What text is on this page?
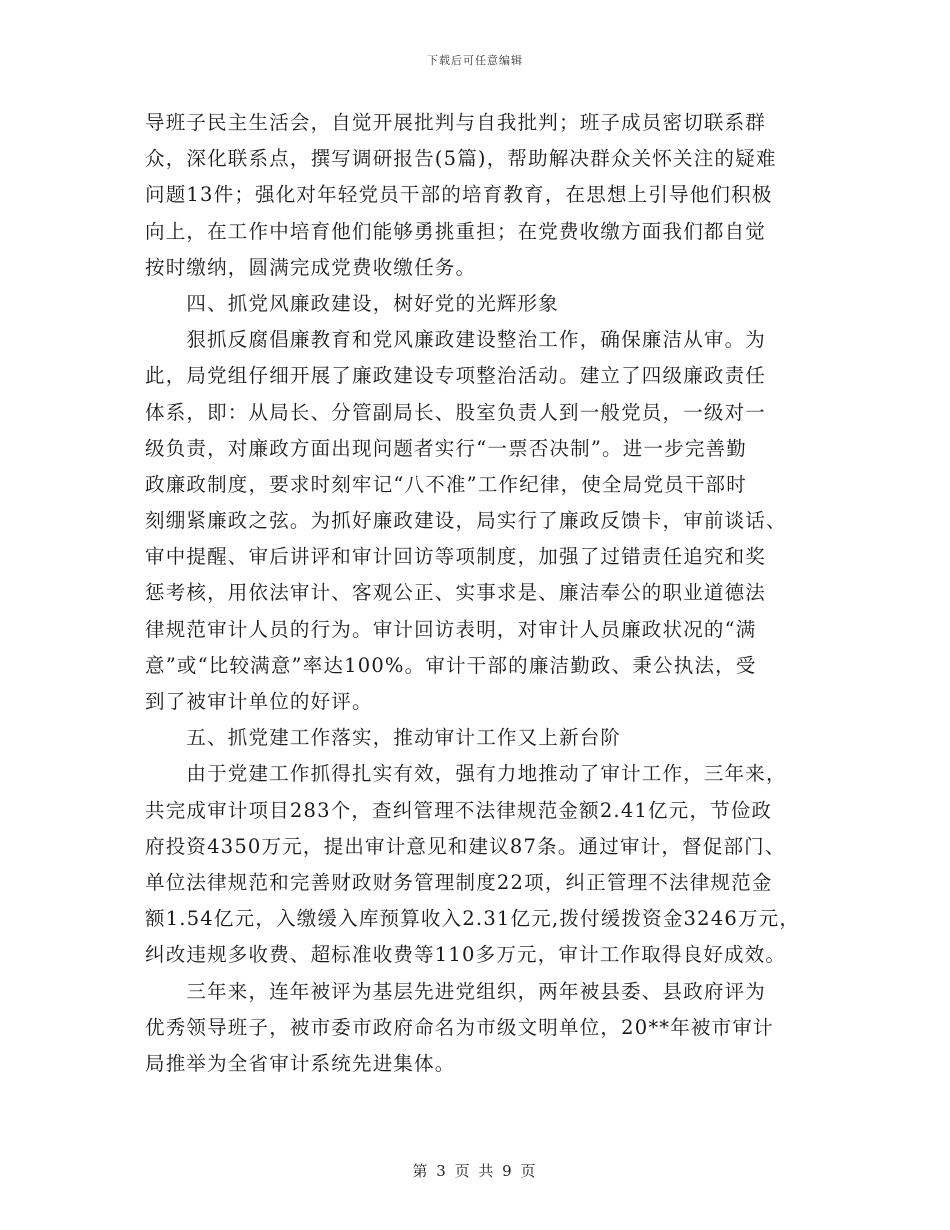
下载后可任意编辑
导班子民主生活会，自觉开展批判与自我批判；班子成员密切联系群
众，深化联系点，撰写调研报告(5篇)，帮助解决群众关怀关注的疑难
问题13件；强化对年轻党员干部的培育教育，在思想上引导他们积极
向上，在工作中培育他们能够勇挑重担；在党费收缴方面我们都自觉
按时缴纳，圆满完成党费收缴任务。
　　四、抓党风廉政建设，树好党的光辉形象
　　狠抓反腐倡廉教育和党风廉政建设整治工作，确保廉洁从审。为
此，局党组仔细开展了廉政建设专项整治活动。建立了四级廉政责任
体系，即：从局长、分管副局长、股室负责人到一般党员，一级对一
级负责，对廉政方面出现问题者实行“一票否决制”。进一步完善勤
政廉政制度，要求时刻牢记“八不准”工作纪律，使全局党员干部时
刻绷紧廉政之弦。为抓好廉政建设，局实行了廉政反馈卡，审前谈话、
审中提醒、审后讲评和审计回访等项制度，加强了过错责任追究和奖
惩考核，用依法审计、客观公正、实事求是、廉洁奉公的职业道德法
律规范审计人员的行为。审计回访表明，对审计人员廉政状况的“满
意”或“比较满意”率达100%。审计干部的廉洁勤政、秉公执法，受
到了被审计单位的好评。
　　五、抓党建工作落实，推动审计工作又上新台阶
　　由于党建工作抓得扎实有效，强有力地推动了审计工作，三年来，
共完成审计项目283个，查纠管理不法律规范金额2.41亿元，节俭政
府投资4350万元，提出审计意见和建议87条。通过审计，督促部门、
单位法律规范和完善财政财务管理制度22项，纠正管理不法律规范金
额1.54亿元，入缴缓入库预算收入2.31亿元,拨付缓拨资金3246万元，
纠改违规多收费、超标准收费等110多万元，审计工作取得良好成效。
　　三年来，连年被评为基层先进党组织，两年被县委、县政府评为
优秀领导班子，被市委市政府命名为市级文明单位，20**年被市审计
局推举为全省审计系统先进集体。
第 3 页 共 9 页
